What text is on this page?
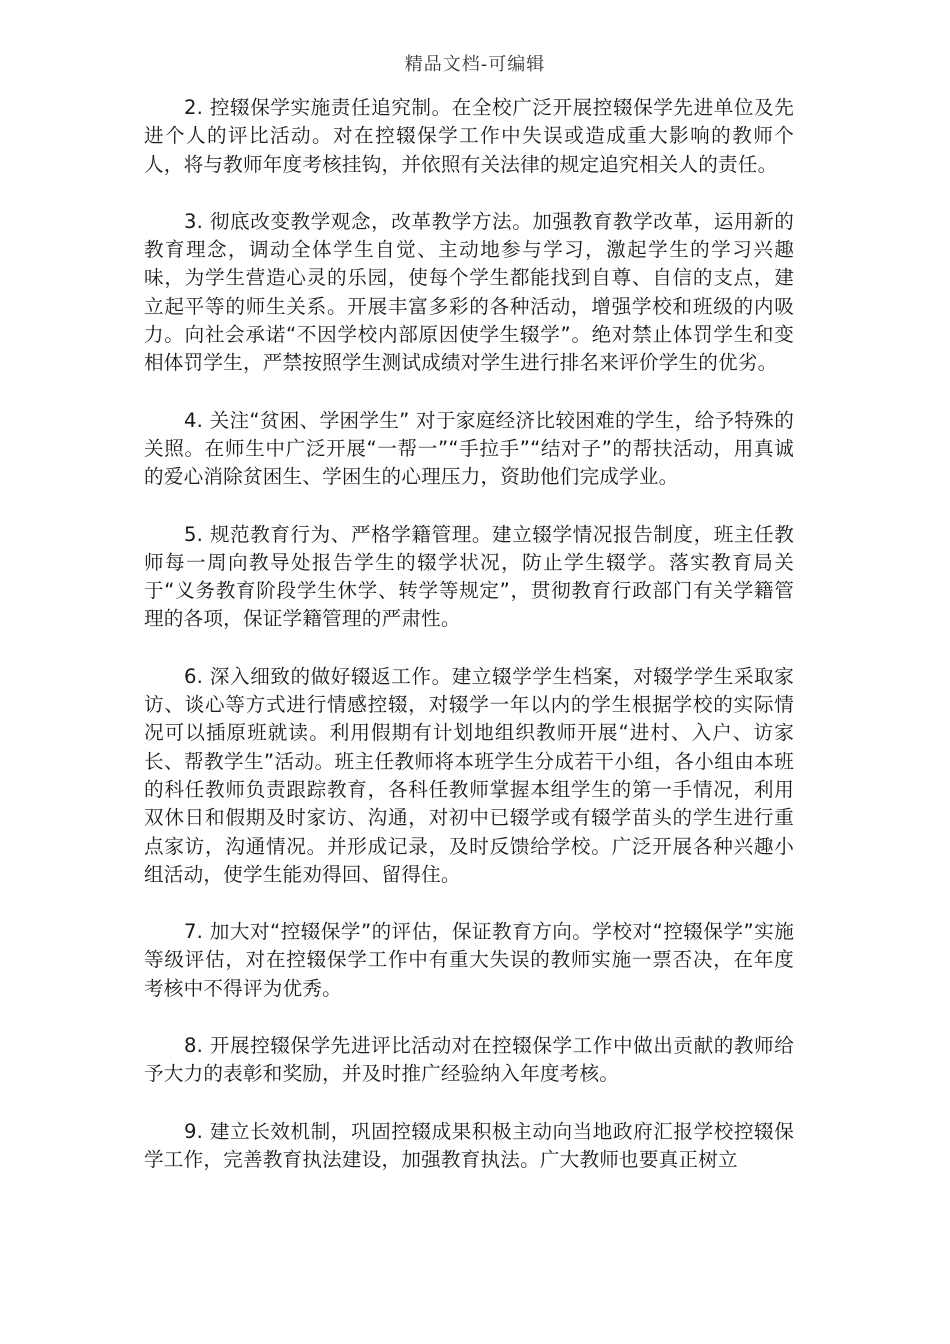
精品文档-可编辑

2. 控辍保学实施责任追究制。在全校广泛开展控辍保学先进单位及先进个人的评比活动。对在控辍保学工作中失误或造成重大影响的教师个人，将与教师年度考核挂钩，并依照有关法律的规定追究相关人的责任。

3. 彻底改变教学观念，改革教学方法。加强教育教学改革，运用新的教育理念，调动全体学生自觉、主动地参与学习，激起学生的学习兴趣味，为学生营造心灵的乐园，使每个学生都能找到自尊、自信的支点，建立起平等的师生关系。开展丰富多彩的各种活动，增强学校和班级的内吸力。向社会承诺“不因学校内部原因使学生辍学”。绝对禁止体罚学生和变相体罚学生，严禁按照学生测试成绩对学生进行排名来评价学生的优劣。

4. 关注“贫困、学困学生” 对于家庭经济比较困难的学生，给予特殊的关照。在师生中广泛开展“一帮一”“手拉手”“结对子”的帮扶活动，用真诚的爱心消除贫困生、学困生的心理压力，资助他们完成学业。

5. 规范教育行为、严格学籍管理。建立辍学情况报告制度，班主任教师每一周向教导处报告学生的辍学状况，防止学生辍学。落实教育局关于“义务教育阶段学生休学、转学等规定”，贯彻教育行政部门有关学籍管理的各项，保证学籍管理的严肃性。

6. 深入细致的做好辍返工作。建立辍学学生档案，对辍学学生采取家访、谈心等方式进行情感控辍，对辍学一年以内的学生根据学校的实际情况可以插原班就读。利用假期有计划地组织教师开展“进村、入户、访家长、帮教学生”活动。班主任教师将本班学生分成若干小组，各小组由本班的科任教师负责跟踪教育，各科任教师掌握本组学生的第一手情况，利用双休日和假期及时家访、沟通，对初中已辍学或有辍学苗头的学生进行重点家访，沟通情况。并形成记录，及时反馈给学校。广泛开展各种兴趣小组活动，使学生能劝得回、留得住。

7. 加大对“控辍保学”的评估，保证教育方向。学校对“控辍保学”实施等级评估，对在控辍保学工作中有重大失误的教师实施一票否决，在年度考核中不得评为优秀。

8. 开展控辍保学先进评比活动对在控辍保学工作中做出贡献的教师给予大力的表彰和奖励，并及时推广经验纳入年度考核。

9. 建立长效机制，巩固控辍成果积极主动向当地政府汇报学校控辍保学工作，完善教育执法建设，加强教育执法。广大教师也要真正树立
